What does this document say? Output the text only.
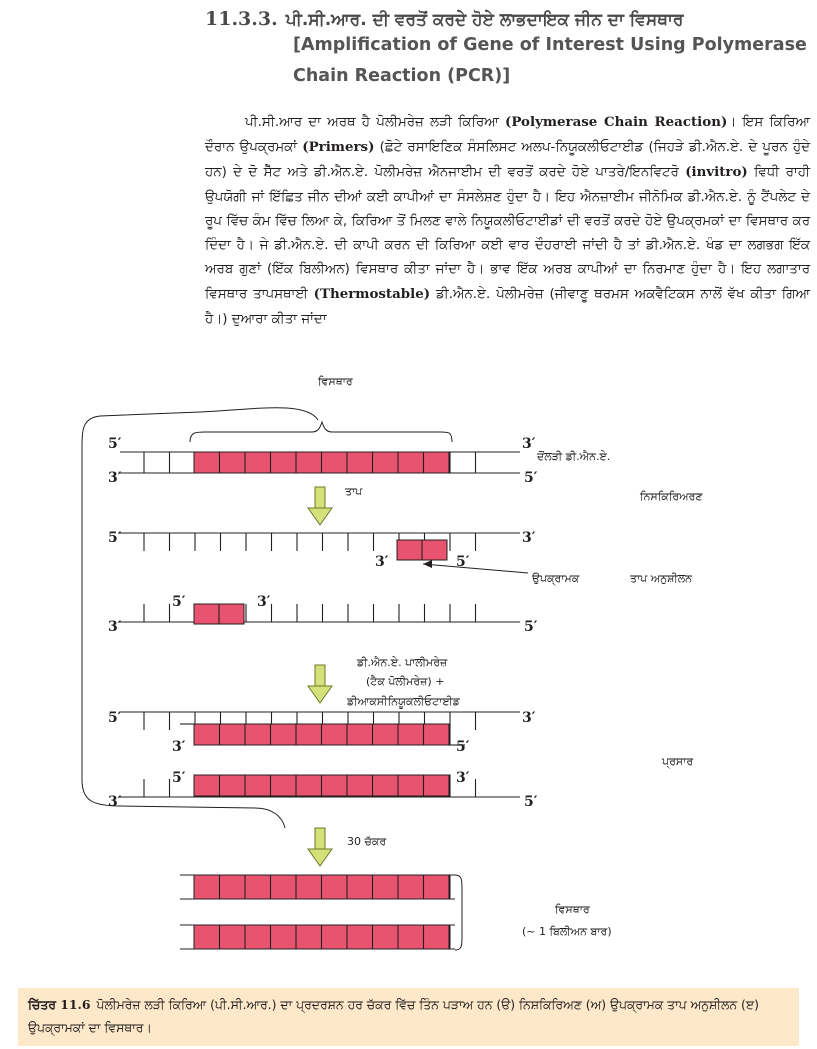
11.3.3. ਪੀ.ਸੀ.ਆਰ. ਦੀ ਵਰਤੋਂ ਕਰਦੇ ਹੋਏ ਲਾਭਦਾਇਕ ਜੀਨ ਦਾ ਵਿਸਥਾਰ
[Amplification of Gene of Interest Using Polymerase
Chain Reaction (PCR)]

ਪੀ.ਸੀ.ਆਰ ਦਾ ਅਰਥ ਹੈ ਪੋਲੀਮਰੇਜ਼ ਲੜੀ ਕਿਰਿਆ (Polymerase Chain Reaction)। ਇਸ ਕਿਰਿਆ ਦੌਰਾਨ ਉਪਕ੍ਰਮਕਾਂ (Primers) (ਛੋਟੇ ਰਸਾਇਣਿਕ ਸੰਸਲਿਸਟ ਅਲਪ-ਨਿਯੂਕਲੀਓਟਾਈਡ (ਜਿਹੜੇ ਡੀ.ਐਨ.ਏ. ਦੇ ਪੂਰਨ ਹੁੰਦੇ ਹਨ) ਦੇ ਦੋ ਸੈੱਟ ਅਤੇ ਡੀ.ਐਨ.ਏ. ਪੋਲੀਮਰੇਜ਼ ਐਨਜਾਈਮ ਦੀ ਵਰਤੋਂ ਕਰਦੇ ਹੋਏ ਪਾਤਰੇ/ਇਨਵਿਟਰੋ (invitro) ਵਿਧੀ ਰਾਹੀ ਉਪਯੋਗੀ ਜਾਂ ਇੱਛਿਤ ਜੀਨ ਦੀਆਂ ਕਈ ਕਾਪੀਆਂ ਦਾ ਸੰਸਲੇਸ਼ਣ ਹੁੰਦਾ ਹੈ। ਇਹ ਐਨਜ਼ਾਈਮ ਜੀਨੋਮਿਕ ਡੀ.ਐਨ.ਏ. ਨੂੰ ਟੈਂਪਲੇਟ ਦੇ ਰੂਪ ਵਿੱਚ ਕੰਮ ਵਿੱਚ ਲਿਆ ਕੇ, ਕਿਰਿਆ ਤੋਂ ਮਿਲਣ ਵਾਲੇ ਨਿਯੂਕਲੀਓਟਾਈਡਾਂ ਦੀ ਵਰਤੋਂ ਕਰਦੇ ਹੋਏ ਉਪਕ੍ਰਮਕਾਂ ਦਾ ਵਿਸਥਾਰ ਕਰ ਦਿੰਦਾ ਹੈ। ਜੇ ਡੀ.ਐਨ.ਏ. ਦੀ ਕਾਪੀ ਕਰਨ ਦੀ ਕਿਰਿਆ ਕਈ ਵਾਰ ਦੌਹਰਾਈ ਜਾਂਦੀ ਹੈ ਤਾਂ ਡੀ.ਐਨ.ਏ. ਖੰਡ ਦਾ ਲਗਭਗ ਇੱਕ ਅਰਬ ਗੁਣਾਂ (ਇੱਕ ਬਿਲੀਅਨ) ਵਿਸਥਾਰ ਕੀਤਾ ਜਾਂਦਾ ਹੈ। ਭਾਵ ਇੱਕ ਅਰਬ ਕਾਪੀਆਂ ਦਾ ਨਿਰਮਾਣ ਹੁੰਦਾ ਹੈ। ਇਹ ਲਗਾਤਾਰ ਵਿਸਥਾਰ ਤਾਪਸਥਾਈ (Thermostable) ਡੀ.ਐਨ.ਏ. ਪੋਲੀਮਰੇਜ਼ (ਜੀਵਾਣੂ ਥਰਮਸ ਅਕਵੈਟਿਕਸ ਨਾਲੋਂ ਵੱਖ ਕੀਤਾ ਗਿਆ ਹੈ।) ਦੁਆਰਾ ਕੀਤਾ ਜਾਂਦਾ

ਵਿਸਥਾਰ
ਦੋਂਲੜੀ ਡੀ.ਐਨ.ਏ.
ਤਾਪ	ਨਿਸਕਿਰਿਅਰਣ
ਉਪਕ੍ਰਾਮਕ	ਤਾਪ ਅਨੁਸ਼ੀਲਨ
ਡੀ.ਐਨ.ਏ. ਪਾਲੀਮਰੇਜ਼
(ਟੈਕ ਪੋਲੀਮਰੇਜ਼) +
ਡੀਆਕਸੀਨਿਯੂਕਲੀਓਟਾਈਡ
ਪ੍ਰਸਾਰ
30 ਚੱਕਰ
ਵਿਸਥਾਰ
(~ 1 ਬਿਲੀਅਨ ਬਾਰ)
5′	3′
3′	5′
5′	3′
3′	5′
5′	3′
3′	5′
5′	3′
3′	5′
5′	3′
3′	5′
ਚਿੱਤਰ 11.6 ਪੋਲੀਮਰੇਜ਼ ਲੜੀ ਕਿਰਿਆ (ਪੀ.ਸੀ.ਆਰ.) ਦਾ ਪ੍ਰਦਰਸ਼ਨ ਹਰ ਚੱਕਰ ਵਿੱਚ ਤਿੰਨ ਪੜਾਅ ਹਨ (ੳ) ਨਿਸ਼ਕਿਰਿਅਣ (ਅ) ਉਪਕ੍ਰਾਮਕ ਤਾਪ ਅਨੁਸ਼ੀਲਨ (ੲ) ਉਪਕ੍ਰਾਮਕਾਂ ਦਾ ਵਿਸਥਾਰ।
